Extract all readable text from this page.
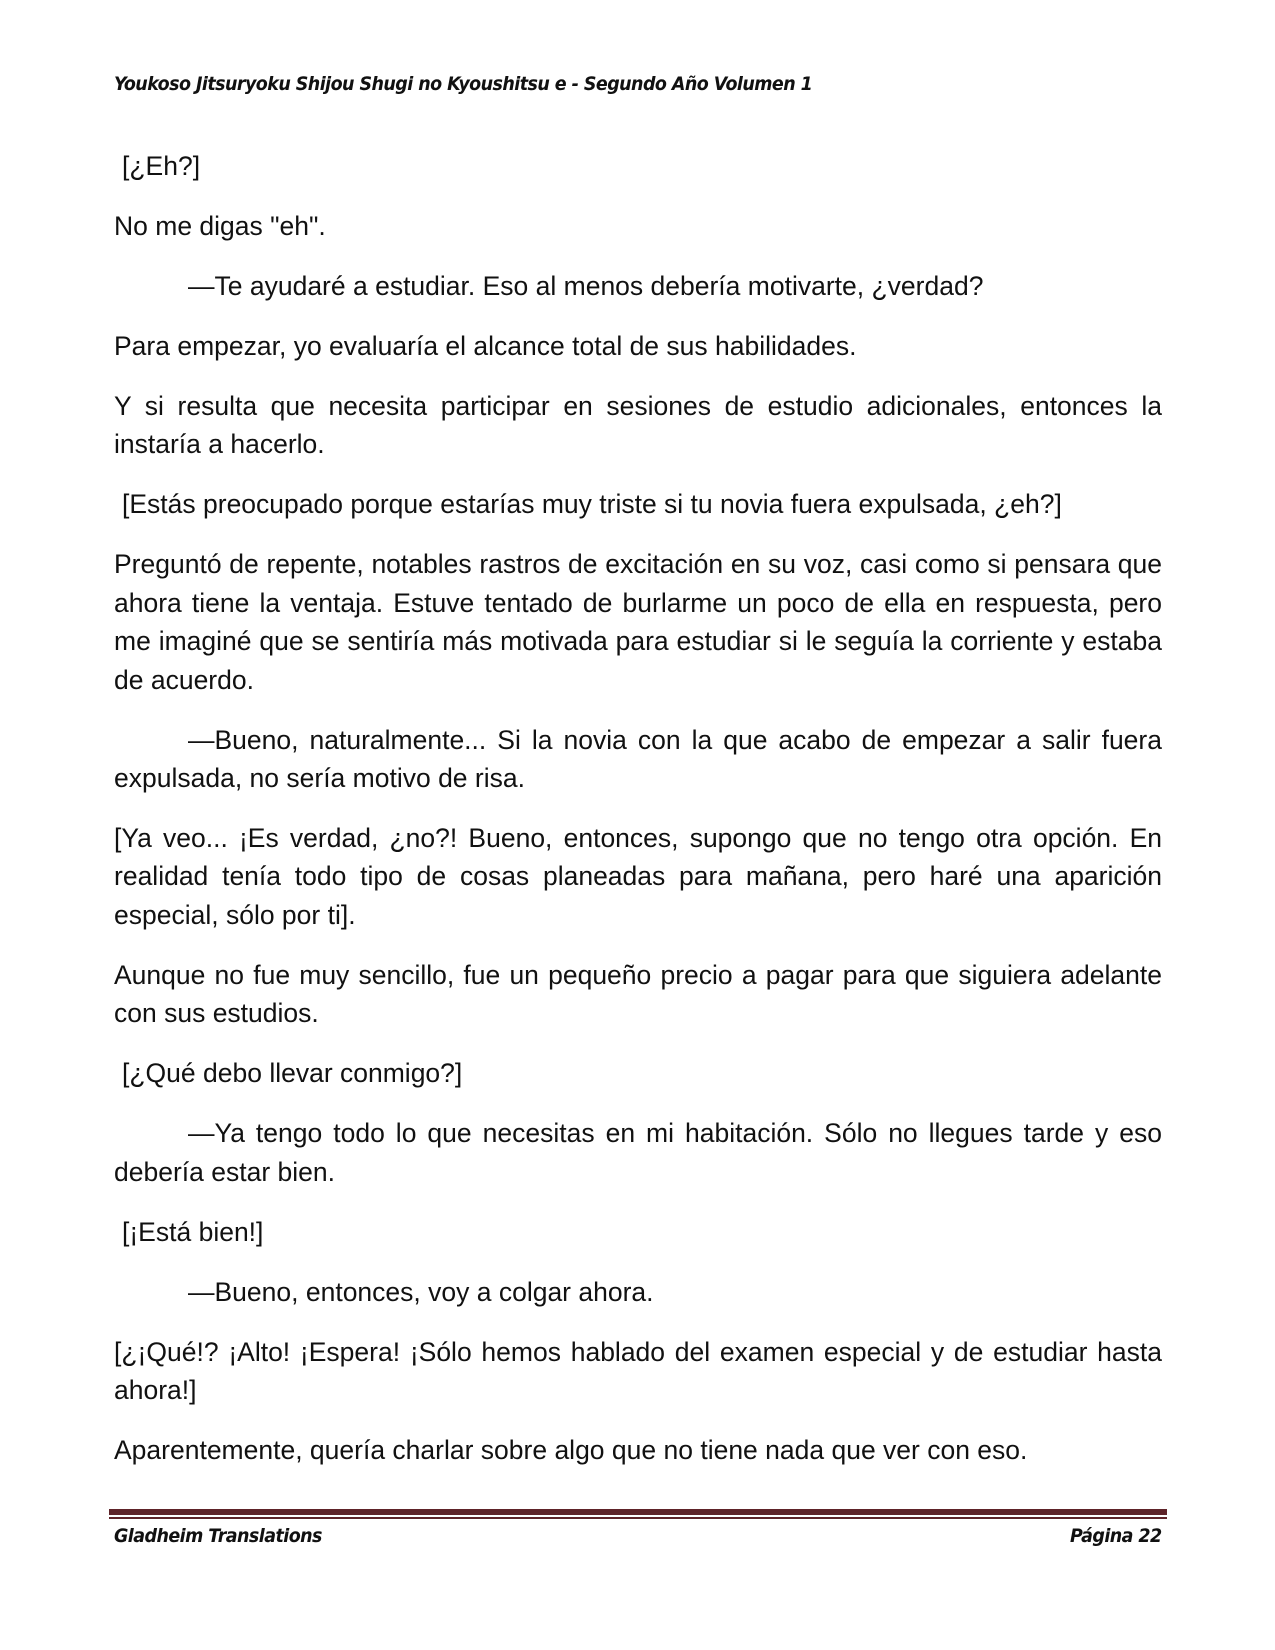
Youkoso Jitsuryoku Shijou Shugi no Kyoushitsu e - Segundo Año Volumen 1

[¿Eh?]

No me digas "eh".

—Te ayudaré a estudiar. Eso al menos debería motivarte, ¿verdad?

Para empezar, yo evaluaría el alcance total de sus habilidades.

Y si resulta que necesita participar en sesiones de estudio adicionales, entonces la instaría a hacerlo.

[Estás preocupado porque estarías muy triste si tu novia fuera expulsada, ¿eh?]

Preguntó de repente, notables rastros de excitación en su voz, casi como si pensara que ahora tiene la ventaja. Estuve tentado de burlarme un poco de ella en respuesta, pero me imaginé que se sentiría más motivada para estudiar si le seguía la corriente y estaba de acuerdo.

—Bueno, naturalmente... Si la novia con la que acabo de empezar a salir fuera expulsada, no sería motivo de risa.

[Ya veo... ¡Es verdad, ¿no?! Bueno, entonces, supongo que no tengo otra opción. En realidad tenía todo tipo de cosas planeadas para mañana, pero haré una aparición especial, sólo por ti].

Aunque no fue muy sencillo, fue un pequeño precio a pagar para que siguiera adelante con sus estudios.

[¿Qué debo llevar conmigo?]

—Ya tengo todo lo que necesitas en mi habitación. Sólo no llegues tarde y eso debería estar bien.

[¡Está bien!]

—Bueno, entonces, voy a colgar ahora.

[¿¡Qué!? ¡Alto! ¡Espera! ¡Sólo hemos hablado del examen especial y de estudiar hasta ahora!]

Aparentemente, quería charlar sobre algo que no tiene nada que ver con eso.

Gladheim Translations	Página 22
